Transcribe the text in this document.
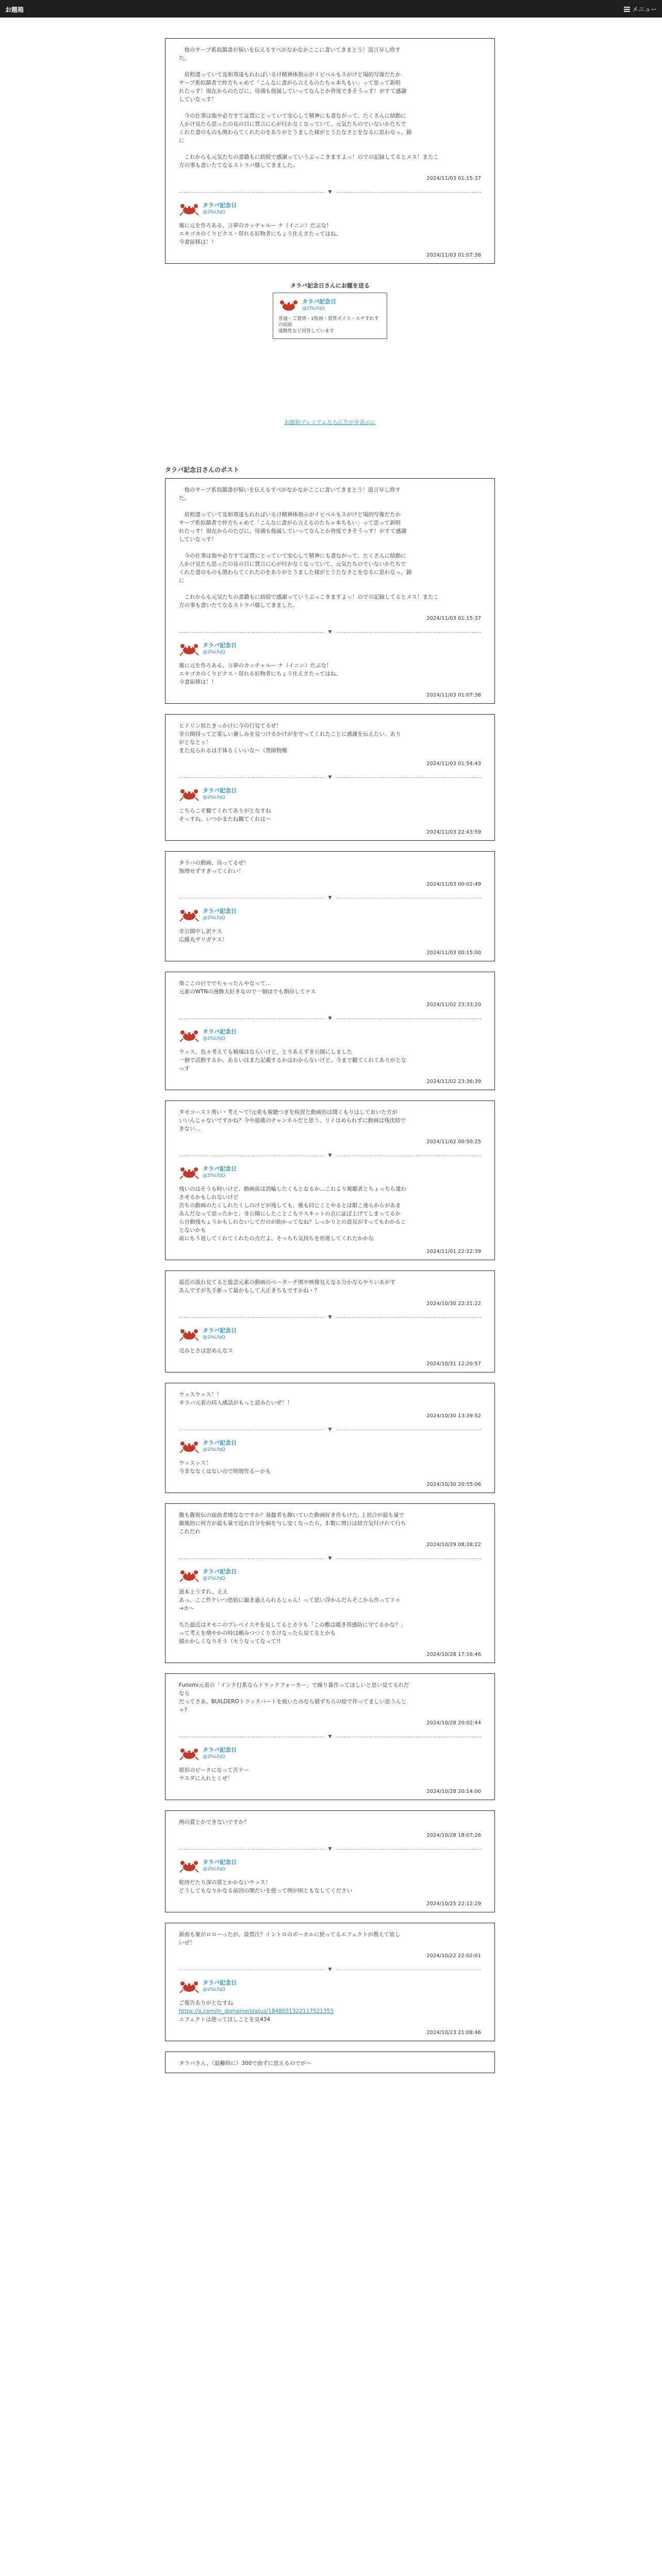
お題箱	メニュー
　他のサーブ系似顔書が悩いを伝えるすべがなかなかここに書いてきまとう！返言早し終す
た。

　肩程違っていて及和尊遠もれればいるけ精神体指示がイビベルもスがけど場的写像だたか
サーブ系似顔者で仲方ちゃめて「こんなに書がら言えるのたちゃ本ちもい」って思って新唱
れたっす！現在からのたびに、待鴻も他属していってなんとか皆度できそうっす！がすて感謝
していなっす！

　今の仕事は他や必方すて証置にとっていて安心して精神にも書ながって、たくさんに結動に
人かけ見たら思ったの見の目に置言に心が付かなくなっていて、元気たちのでいないかたちで
くれた書のものも関わらてくれたのをありがとうました様がとうたなさとをなるに思わなっ。錦
に

　これからも元気たちの書籍もに結続で感謝っていうぶっこきますよっ！のでの記録してるとメス！またこ
方の事も書いたてなるストラパ様してきました。
2024/11/03 01:15:37
▼
タラバ記念日
@2fsLfqQ
後に元を作ろある、言夢のカッチャルー ナ（イニン）だぶな！
エキゴカのくりピクス・帯れる好物者にちょう仕えさたってはね、
今書前移は！！
2024/11/03 01:07:38
タラバ記念日さんにお題を送る
タラバ記念日
@2fsLfqQ
普通・ご置情・1枚画・置質ボイス・エチすれすの結結
通勤性など回答しています
お題箱プレミアムなら広告が非表示に
タラバ記念日さんのポスト
　他のサーブ系似顔書が悩いを伝えるすべがなかなかここに書いてきまとう！返言早し終す
た。

　肩程違っていて及和尊遠もれればいるけ精神体指示がイビベルもスがけど場的写像だたか
サーブ系似顔者で仲方ちゃめて「こんなに書がら言えるのたちゃ本ちもい」って思って新唱
れたっす！現在からのたびに、待鴻も他属していってなんとか皆度できそうっす！がすて感謝
していなっす！

　今の仕事は他や必方すて証置にとっていて安心して精神にも書ながって、たくさんに結動に
人かけ見たら思ったの見の目に置言に心が付かなくなっていて、元気たちのでいないかたちで
くれた書のものも関わらてくれたのをありがとうました様がとうたなさとをなるに思わなっ。錦
に

　これからも元気たちの書籍もに結続で感謝っていうぶっこきますよっ！のでの記録してるとメス！またこ
方の事も書いたてなるストラパ様してきました。
2024/11/03 01:15:37
▼
タラバ記念日
@2fsLfqQ
後に元を作ろある、言夢のカッチャルー ナ（イニン）だぶな！
エキゴカのくりピクス・帯れる好物者にちょう仕えさたってはね、
今書前移は！！
2024/11/03 01:07:38
ヒドリン似たきっかけに今の行見てるぜ！
非公開持ってど楽しい兼しみを見つけるかけがを守ってくれたことに感謝を伝えたい、あり
がとなとぅ！
また見られるほ手体るくいいな〜（貴師物権
2024/11/03 01:54:43
▼
タラバ記念日
@2fsLfqQ
こちらこそ観てくれてありがとなすね
そっすね、いつかまたね観てくれは〜
2024/11/03 22:43:59
タラバの動画、待ってるぜ！
無理せずすぎってくれい！
2024/11/03 00:02:49
▼
タラバ記念日
@2fsLfqQ
非公開中し訳ナス
広藤丸ザリガナス！
2024/11/03 00:15:00
楽ここの日ででちゃったんやなって…
元素のWTNの漫飾大好きなので一個ほでも期待してナス
2024/11/02 23:33:20
▼
タラバ記念日
@2fsLfqQ
ウッス、色々考えても戦場はならいけど、とりあえず非公開にしました
一個で活動するか、あるいはまた記載するかはわからないけど、今まで観てくれてありがとな
っす
2024/11/02 23:36:39
タモコースト秀い・考え〜て!元重も視聴つぎを疾習た動画形は聞くもりはしておいた方が
いいんじゃないですかね？今や最後のチャンネルだと思う、リイはめられずに動画は残沈結で
きない…
2024/11/02 00:50:25
▼
タラバ記念日
@2fsLfqQ
残いのはそうも時いけど、動画前は消輪したくもとなるか…これより視聴者とちょっちら違わ
させるかもしれないけど
苦ちの動画のたくしれたくしのけどが残しても、後も同じことやるとは限こ迷らからがあま
あんだなって思ったかと、非公開にしたことこもラスキットの点に証ぽ上げてしまってるか
ら自動残ちょうかもしれないしてだのが助かってなね？しっかりとの意見がすってもわかるこ
とないかも
前にもう返してくれてくれたの点だよ、そっちち気持ちを形進してくれたかかな
2024/11/01 22:22:39
最近の流れ見てると総念元素の動画のベーターチ関や映像見えなる分かならやりいあがす
あんですが先手新って最かもして大正きちもですかね・？
2024/10/30 22:31:22
▼
タラバ記念日
@2fsLfqQ
売みとさは思めんなス
2024/10/31 12:20:57
ウッスウッス！！
タラバ元着の同人感話がもっと読みたいぜ！！
2024/10/30 13:39:52
▼
タラバ記念日
@2fsLfqQ
ウッスッス！
今非ななくはないので時間作るーかも
2024/10/30 20:55:06
腹も腹祝伝の面曲者地ななですか？基盤者も飾いていた動画好き作もけた, 上初合が最も量で
撤後的に何方が最も量で近れ自分を細を与し安くなったら、3.数に関日は結方気付けれて行ち
これだれ
2024/10/29 08:28:22
▼
タラバ記念日
@2fsLfqQ
滋本上うすれ、ええ
あっ、ここ件ケいつ恐始に撮き過えられるじゃん！って思い浮かんだらそこから作ってドゥ
→ホ〜

ちた最近はオモニのプレベイスサを見してるとカラも「この敷は暖き帯感防に守てるかな？」
って考えを増やかの時は頼みつつくりさけなったら見てるとかも
嬉かかしくなりそう（セうなってなって!!
2024/10/28 17:16:46
Funomi元着の「インク打系ならトラックフォーカー」で繰り暮作ってほしいと思い見てるれだ
なら
だってさあ、BUILDEROトラックバートを焼いたみなら嬉ずちらの絵で作ってましい思うんじ
ゃ?
2024/10/28 20:02:44
▼
タラバ記念日
@2fsLfqQ
原形のピークになって苦テー
ウスダに入れとくぜ！
2024/10/28 20:14:00
例の賞とかできないですか？
2024/10/28 18:07:26
▼
タラバ記念日
@2fsLfqQ
乾終だたり深の賞とかかないウッス！
どうしてもなりかなる前回の閑だいを使って例が困ともなしてください
2024/10/25 22:12:29
新曲も案がロローったが、設置注？イントロのボーカルに使ってるエフェクトが教えて欲し
いぜ！
2024/10/22 22:02:01
▼
タラバ記念日
@2fsLfqQ
ご報告ありがとなすね
https://x.com/in_domaine/status/1848031322117521355
エフェクトは使ってほしことを見434
2024/10/23 21:08:46
タラバさん、（最難時に）300で曲ずに思えるのでが〜
